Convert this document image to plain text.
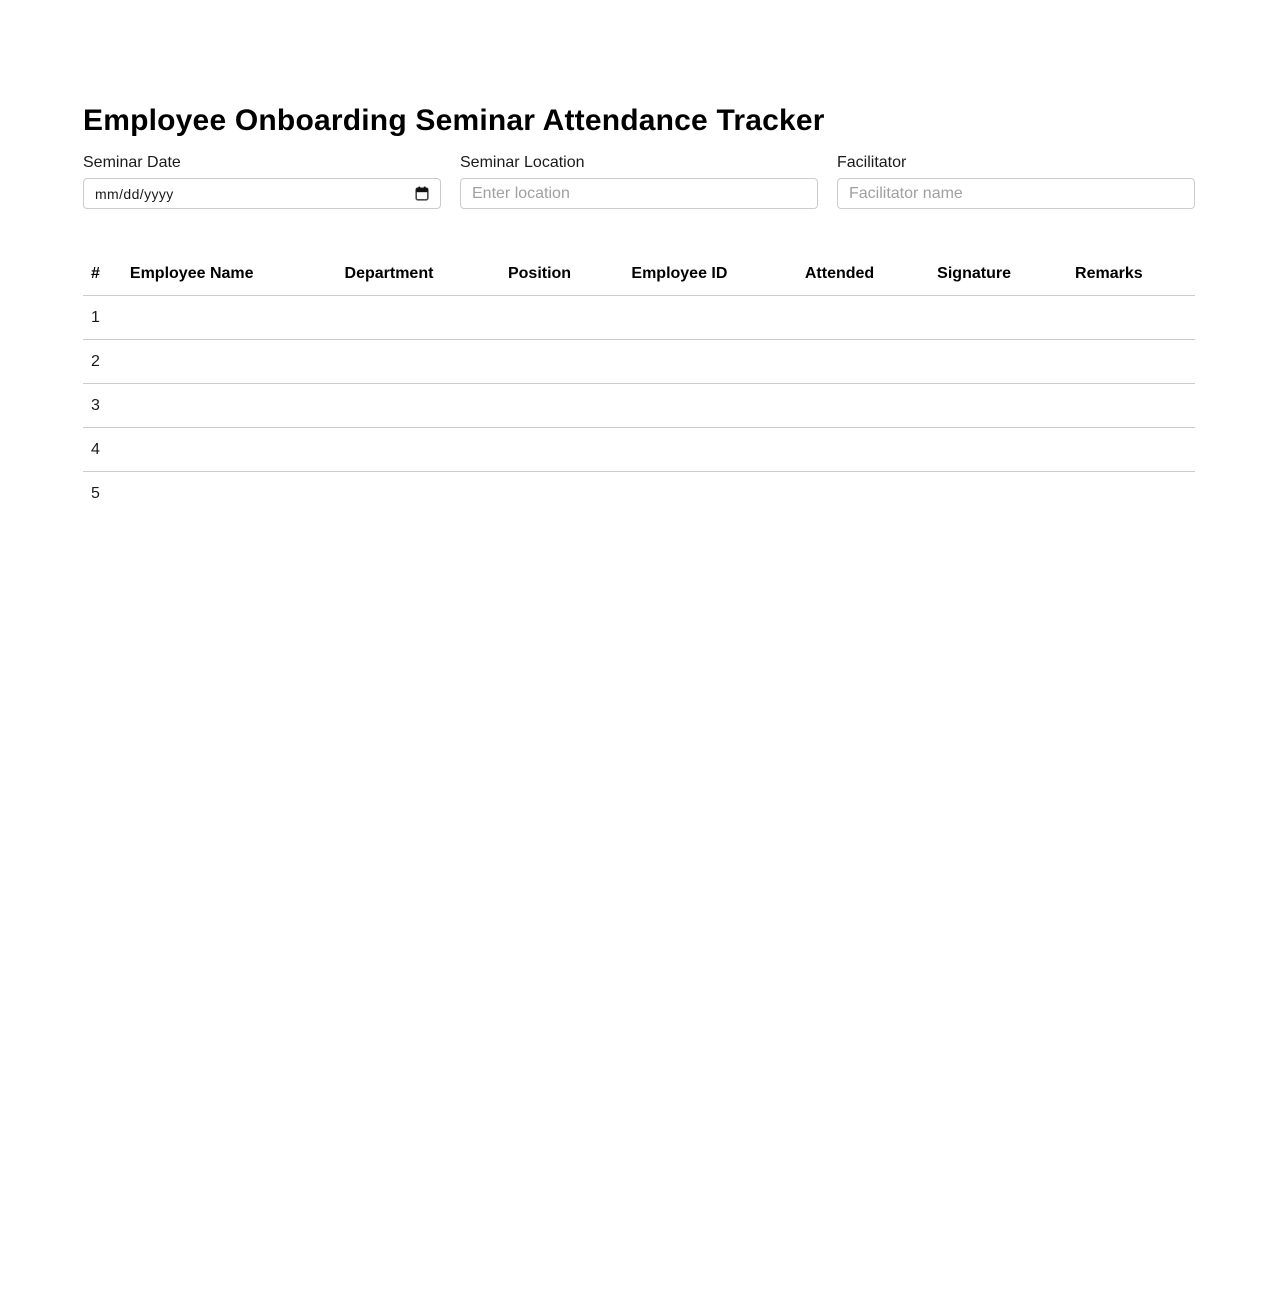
Employee Onboarding Seminar Attendance Tracker
Seminar Date
mm/dd/yyyy
Seminar Location
Enter location	Facilitator
Facilitator name
#	Employee Name	Department	Position	Employee ID	Attended	Signature	Remarks
1							
2							
3							
4							
5							
